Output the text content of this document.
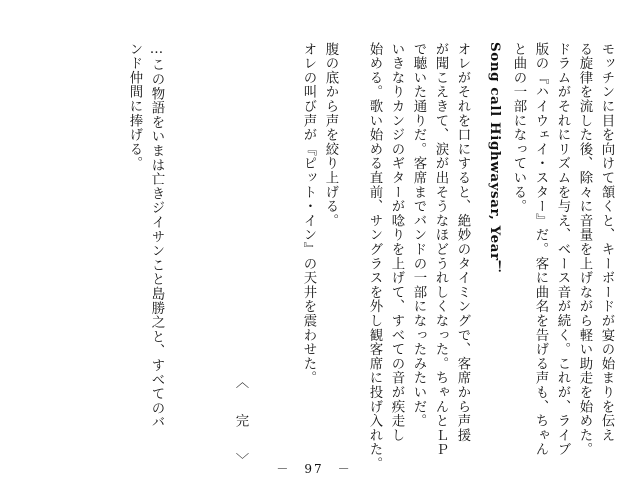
モッチンに目を向けて頷くと、キーボードが宴の始まりを伝え
る旋律を流した後、除々に音量を上げながら軽い助走を始めた。
ドラムがそれにリズムを与え、ベース音が続く。これが、ライブ
版の『ハイウェイ・スター』だ。客に曲名を告げる声も、ちゃん
と曲の一部になっている。
Song call Highwaysar, Year！
オレがそれを口にすると、絶妙のタイミングで、客席から声援
が聞こえきて、涙が出そうなほどうれしくなった。ちゃんとＬＰ
で聴いた通りだ。客席までバンドの一部になったみたいだ。
いきなりカンジのギターが唸りを上げて、すべての音が疾走し
始める。歌い始める直前、サングラスを外し観客席に投げ入れた。
腹の底から声を絞り上げる。
オレの叫び声が『ピット・イン』の天井を震わせた。
〈　完　〉
…この物語をいまは亡きジイサンこと島勝之と、すべてのバ
ンド仲間に捧げる。
－　97　－
